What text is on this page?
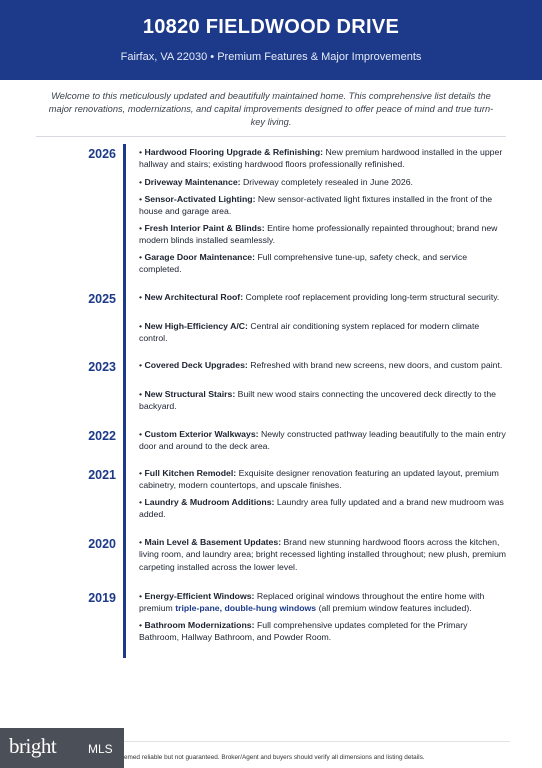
10820 FIELDWOOD DRIVE
Fairfax, VA 22030 • Premium Features & Major Improvements
Welcome to this meticulously updated and beautifully maintained home. This comprehensive list details the major renovations, modernizations, and capital improvements designed to offer peace of mind and true turn-key living.
2026	• Hardwood Flooring Upgrade & Refinishing: New premium hardwood installed in the upper hallway and stairs; existing hardwood floors professionally refinished.
• Driveway Maintenance: Driveway completely resealed in June 2026.
• Sensor-Activated Lighting: New sensor-activated light fixtures installed in the front of the house and garage area.
• Fresh Interior Paint & Blinds: Entire home professionally repainted throughout; brand new modern blinds installed seamlessly.
• Garage Door Maintenance: Full comprehensive tune-up, safety check, and service completed.
2025	• New Architectural Roof: Complete roof replacement providing long-term structural security.
• New High-Efficiency A/C: Central air conditioning system replaced for modern climate control.
2023	• Covered Deck Upgrades: Refreshed with brand new screens, new doors, and custom paint.
• New Structural Stairs: Built new wood stairs connecting the uncovered deck directly to the backyard.
2022	• Custom Exterior Walkways: Newly constructed pathway leading beautifully to the main entry door and around to the deck area.
2021	• Full Kitchen Remodel: Exquisite designer renovation featuring an updated layout, premium cabinetry, modern countertops, and upscale finishes.
• Laundry & Mudroom Additions: Laundry area fully updated and a brand new mudroom was added.
2020	• Main Level & Basement Updates: Brand new stunning hardwood floors across the kitchen, living room, and laundry area; bright recessed lighting installed throughout; new plush, premium carpeting installed across the lower level.
2019	• Energy-Efficient Windows: Replaced original windows throughout the entire home with premium triple-pane, double-hung windows (all premium window features included).
• Bathroom Modernizations: Full comprehensive updates completed for the Primary Bathroom, Hallway Bathroom, and Powder Room.
emed reliable but not guaranteed. Broker/Agent and buyers should verify all dimensions and listing details.
bright	MLS
